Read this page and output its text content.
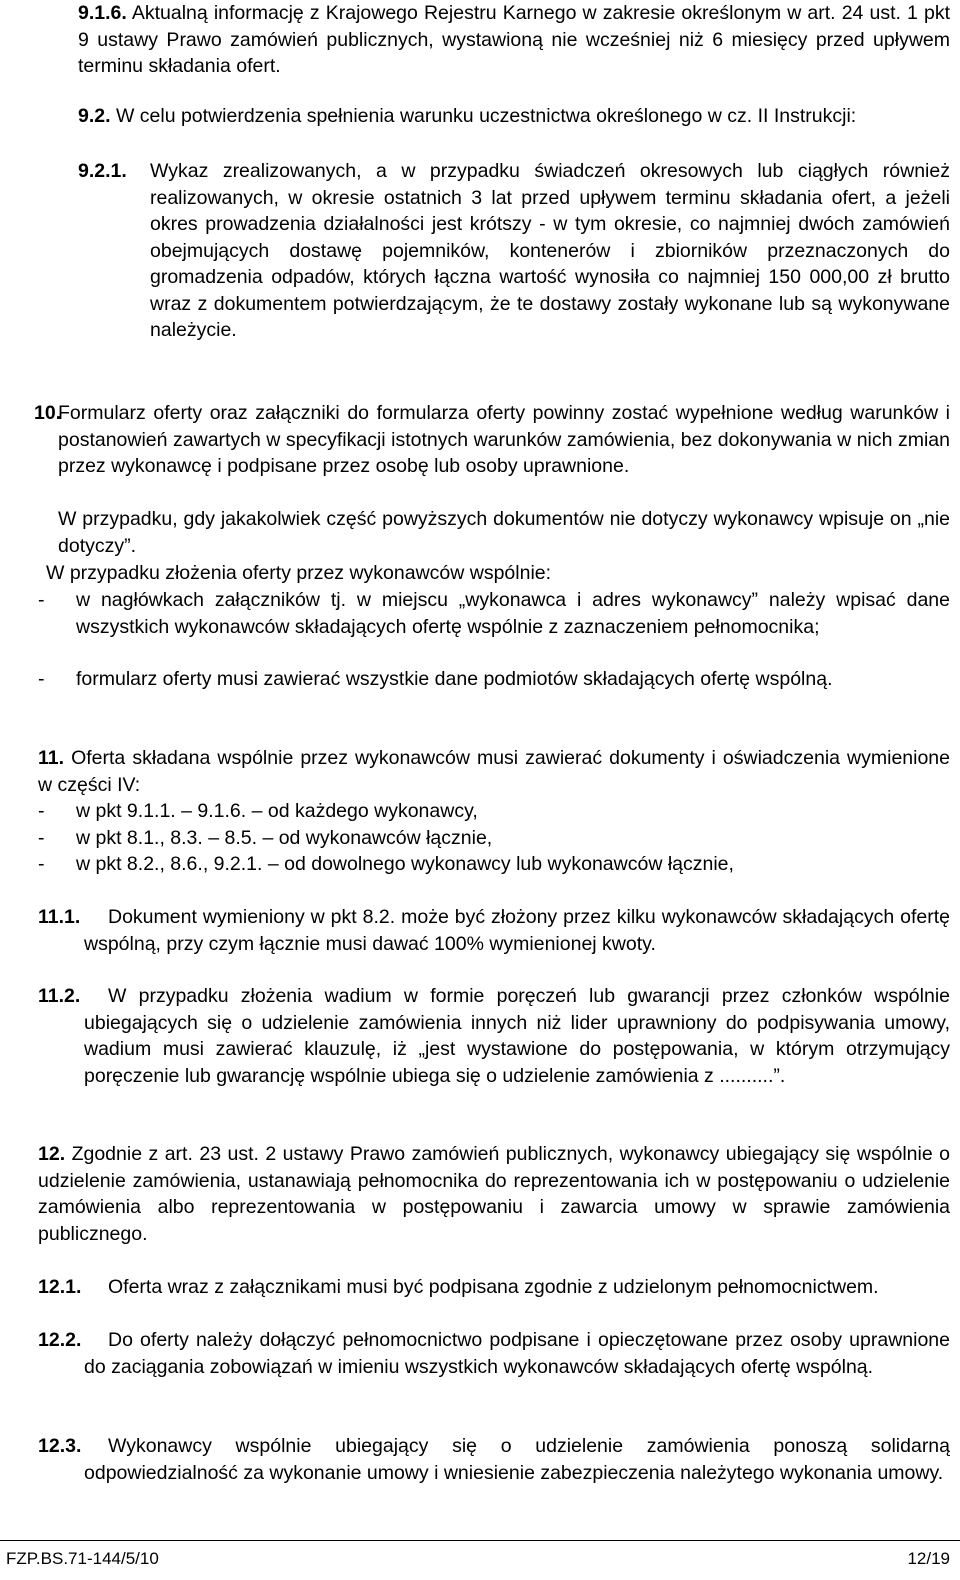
9.1.6. Aktualną informację z Krajowego Rejestru Karnego w zakresie określonym w art. 24 ust. 1 pkt 9 ustawy Prawo zamówień publicznych, wystawioną nie wcześniej niż 6 miesięcy przed upływem terminu składania ofert.

9.2. W celu potwierdzenia spełnienia warunku uczestnictwa określonego w cz. II Instrukcji:

9.2.1. Wykaz zrealizowanych, a w przypadku świadczeń okresowych lub ciągłych również realizowanych, w okresie ostatnich 3 lat przed upływem terminu składania ofert, a jeżeli okres prowadzenia działalności jest krótszy - w tym okresie, co najmniej dwóch zamówień obejmujących dostawę pojemników, kontenerów i zbiorników przeznaczonych do gromadzenia odpadów, których łączna wartość wynosiła co najmniej 150 000,00 zł brutto wraz z dokumentem potwierdzającym, że te dostawy zostały wykonane lub są wykonywane należycie.

10.

Formularz oferty oraz załączniki do formularza oferty powinny zostać wypełnione według warunków i postanowień zawartych w specyfikacji istotnych warunków zamówienia, bez dokonywania w nich zmian przez wykonawcę i podpisane przez osobę lub osoby uprawnione.

W przypadku, gdy jakakolwiek część powyższych dokumentów nie dotyczy wykonawcy wpisuje on „nie dotyczy”.

W przypadku złożenia oferty przez wykonawców wspólnie:

- w nagłówkach załączników tj. w miejscu „wykonawca i adres wykonawcy” należy wpisać dane wszystkich wykonawców składających ofertę wspólnie z zaznaczeniem pełnomocnika;

- formularz oferty musi zawierać wszystkie dane podmiotów składających ofertę wspólną.

11. Oferta składana wspólnie przez wykonawców musi zawierać dokumenty i oświadczenia wymienione w części IV:

- w pkt 9.1.1. – 9.1.6. – od każdego wykonawcy,

- w pkt 8.1., 8.3. – 8.5. – od wykonawców łącznie,

- w pkt 8.2., 8.6., 9.2.1. – od dowolnego wykonawcy lub wykonawców łącznie,

11.1.	Dokument wymieniony w pkt 8.2. może być złożony przez kilku wykonawców składających ofertę wspólną, przy czym łącznie musi dawać 100% wymienionej kwoty.

11.2.	W przypadku złożenia wadium w formie poręczeń lub gwarancji przez członków wspólnie ubiegających się o udzielenie zamówienia innych niż lider uprawniony do podpisywania umowy, wadium musi zawierać klauzulę, iż „jest wystawione do postępowania, w którym otrzymujący poręczenie lub gwarancję wspólnie ubiega się o udzielenie zamówienia z ..........”.

12. Zgodnie z art. 23 ust. 2 ustawy Prawo zamówień publicznych, wykonawcy ubiegający się wspólnie o udzielenie zamówienia, ustanawiają pełnomocnika do reprezentowania ich w postępowaniu o udzielenie zamówienia albo reprezentowania w postępowaniu i zawarcia umowy w sprawie zamówienia publicznego.

12.1.	Oferta wraz z załącznikami musi być podpisana zgodnie z udzielonym pełnomocnictwem.

12.2.	Do oferty należy dołączyć pełnomocnictwo podpisane i opieczętowane przez osoby uprawnione do zaciągania zobowiązań w imieniu wszystkich wykonawców składających ofertę wspólną.

12.3.	Wykonawcy wspólnie ubiegający się o udzielenie zamówienia ponoszą solidarną odpowiedzialność za wykonanie umowy i wniesienie zabezpieczenia należytego wykonania umowy.

FZP.BS.71-144/5/10	12/19
